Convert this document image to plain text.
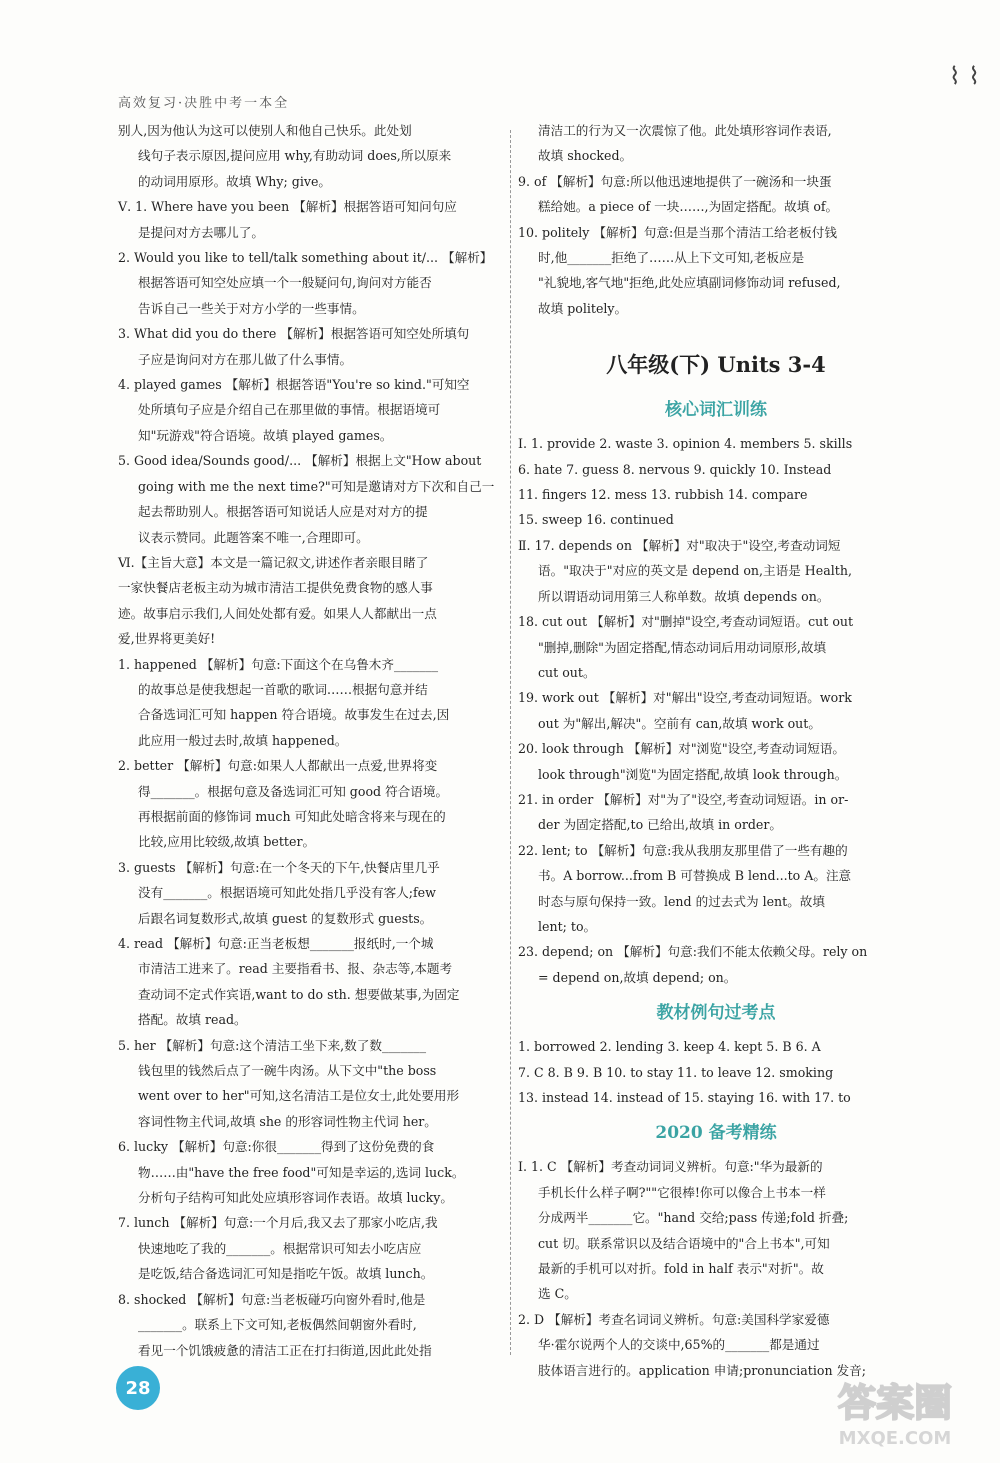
⌇ ⌇
高效复习·决胜中考一本全

别人,因为他认为这可以使别人和他自己快乐。此处划

线句子表示原因,提问应用 why,有助动词 does,所以原来

的动词用原形。故填 Why; give。

Ⅴ. 1. Where have you been 【解析】根据答语可知问句应

是提问对方去哪儿了。

2. Would you like to tell/talk something about it/... 【解析】

根据答语可知空处应填一个一般疑问句,询问对方能否

告诉自己一些关于对方小学的一些事情。

3. What did you do there 【解析】根据答语可知空处所填句

子应是询问对方在那儿做了什么事情。

4. played games 【解析】根据答语"You're so kind."可知空

处所填句子应是介绍自己在那里做的事情。根据语境可

知"玩游戏"符合语境。故填 played games。

5. Good idea/Sounds good/... 【解析】根据上文"How about

going with me the next time?"可知是邀请对方下次和自己一

起去帮助别人。根据答语可知说话人应是对对方的提

议表示赞同。此题答案不唯一,合理即可。

Ⅵ.【主旨大意】本文是一篇记叙文,讲述作者亲眼目睹了

一家快餐店老板主动为城市清洁工提供免费食物的感人事

迹。故事启示我们,人间处处都有爱。如果人人都献出一点

爱,世界将更美好!

1. happened 【解析】句意:下面这个在乌鲁木齐_______

的故事总是使我想起一首歌的歌词……根据句意并结

合备选词汇可知 happen 符合语境。故事发生在过去,因

此应用一般过去时,故填 happened。

2. better 【解析】句意:如果人人都献出一点爱,世界将变

得_______。根据句意及备选词汇可知 good 符合语境。

再根据前面的修饰词 much 可知此处暗含将来与现在的

比较,应用比较级,故填 better。

3. guests 【解析】句意:在一个冬天的下午,快餐店里几乎

没有_______。根据语境可知此处指几乎没有客人;few

后跟名词复数形式,故填 guest 的复数形式 guests。

4. read 【解析】句意:正当老板想_______报纸时,一个城

市清洁工进来了。read 主要指看书、报、杂志等,本题考

查动词不定式作宾语,want to do sth. 想要做某事,为固定

搭配。故填 read。

5. her 【解析】句意:这个清洁工坐下来,数了数_______

钱包里的钱然后点了一碗牛肉汤。从下文中"the boss

went over to her"可知,这名清洁工是位女士,此处要用形

容词性物主代词,故填 she 的形容词性物主代词 her。

6. lucky 【解析】句意:你很_______得到了这份免费的食

物……由"have the free food"可知是幸运的,选词 luck。

分析句子结构可知此处应填形容词作表语。故填 lucky。

7. lunch 【解析】句意:一个月后,我又去了那家小吃店,我

快速地吃了我的_______。根据常识可知去小吃店应

是吃饭,结合备选词汇可知是指吃午饭。故填 lunch。

8. shocked 【解析】句意:当老板碰巧向窗外看时,他是

_______。联系上下文可知,老板偶然间朝窗外看时,

看见一个饥饿疲惫的清洁工正在打扫街道,因此此处指

清洁工的行为又一次震惊了他。此处填形容词作表语,

故填 shocked。

9. of 【解析】句意:所以他迅速地提供了一碗汤和一块蛋

糕给她。a piece of 一块……,为固定搭配。故填 of。

10. politely 【解析】句意:但是当那个清洁工给老板付钱

时,他_______拒绝了……从上下文可知,老板应是

"礼貌地,客气地"拒绝,此处应填副词修饰动词 refused,

故填 politely。

八年级(下) Units 3-4
核心词汇训练

Ⅰ. 1. provide 2. waste 3. opinion 4. members 5. skills

6. hate 7. guess 8. nervous 9. quickly 10. Instead

11. fingers 12. mess 13. rubbish 14. compare

15. sweep 16. continued

Ⅱ. 17. depends on 【解析】对"取决于"设空,考查动词短

语。"取决于"对应的英文是 depend on,主语是 Health,

所以谓语动词用第三人称单数。故填 depends on。

18. cut out 【解析】对"删掉"设空,考查动词短语。cut out

"删掉,删除"为固定搭配,情态动词后用动词原形,故填

cut out。

19. work out 【解析】对"解出"设空,考查动词短语。work

out 为"解出,解决"。空前有 can,故填 work out。

20. look through 【解析】对"浏览"设空,考查动词短语。

look through"浏览"为固定搭配,故填 look through。

21. in order 【解析】对"为了"设空,考查动词短语。in or-

der 为固定搭配,to 已给出,故填 in order。

22. lent; to 【解析】句意:我从我朋友那里借了一些有趣的

书。A borrow...from B 可替换成 B lend...to A。注意

时态与原句保持一致。lend 的过去式为 lent。故填

lent; to。

23. depend; on 【解析】句意:我们不能太依赖父母。rely on

= depend on,故填 depend; on。

教材例句过考点

1. borrowed 2. lending 3. keep 4. kept 5. B 6. A

7. C 8. B 9. B 10. to stay 11. to leave 12. smoking

13. instead 14. instead of 15. staying 16. with 17. to

2020 备考精练

Ⅰ. 1. C 【解析】考查动词词义辨析。句意:"华为最新的

手机长什么样子啊?""它很棒!你可以像合上书本一样

分成两半_______它。"hand 交给;pass 传递;fold 折叠;

cut 切。联系常识以及结合语境中的"合上书本",可知

最新的手机可以对折。fold in half 表示"对折"。故

选 C。

2. D 【解析】考查名词词义辨析。句意:美国科学家爱德

华·霍尔说两个人的交谈中,65%的_______都是通过

肢体语言进行的。application 申请;pronunciation 发音;

28	答案圈
MXQE.COM
